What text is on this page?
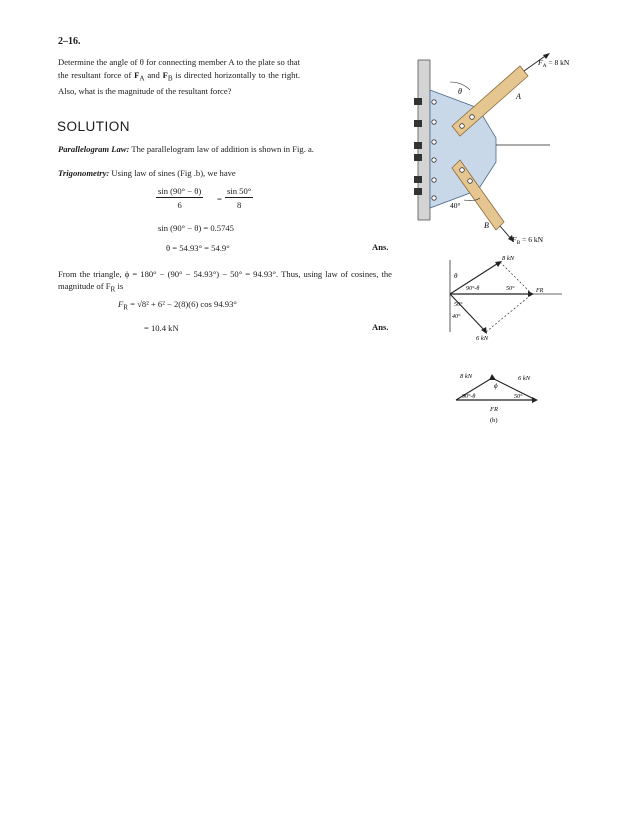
2–16.
Determine the angle of θ for connecting member A to the plate so that the resultant force of $F_A$ and $F_B$ is directed horizontally to the right. Also, what is the magnitude of the resultant force?
SOLUTION
Parallelogram Law: The parallelogram law of addition is shown in Fig. a.
Trigonometry: Using law of sines (Fig .b), we have
$\frac{\sin (90^\circ - \theta)}{6} = \frac{\sin 50^\circ}{8}$
sin (90° − θ) = 0.5745
θ = 54.93° = 54.9°	Ans.
From the triangle, ϕ = 180° − (90° − 54.93°) − 50° = 94.93°. Thus, using law of cosines, the magnitude of $F_R$ is
$F_R = √8^2 + 6^2 - 2(8)(6)$ cos 94.93°
= 10.4 kN	Ans.
θ
A
B
40°
$F_A = 8$ kN
$F_B = 6$ kN
8 kN
6 kN
θ
90°-θ	50°
50°
40°
FR
8 kN	6 kN
ϕ
90°-θ	50°
FR
(b)
